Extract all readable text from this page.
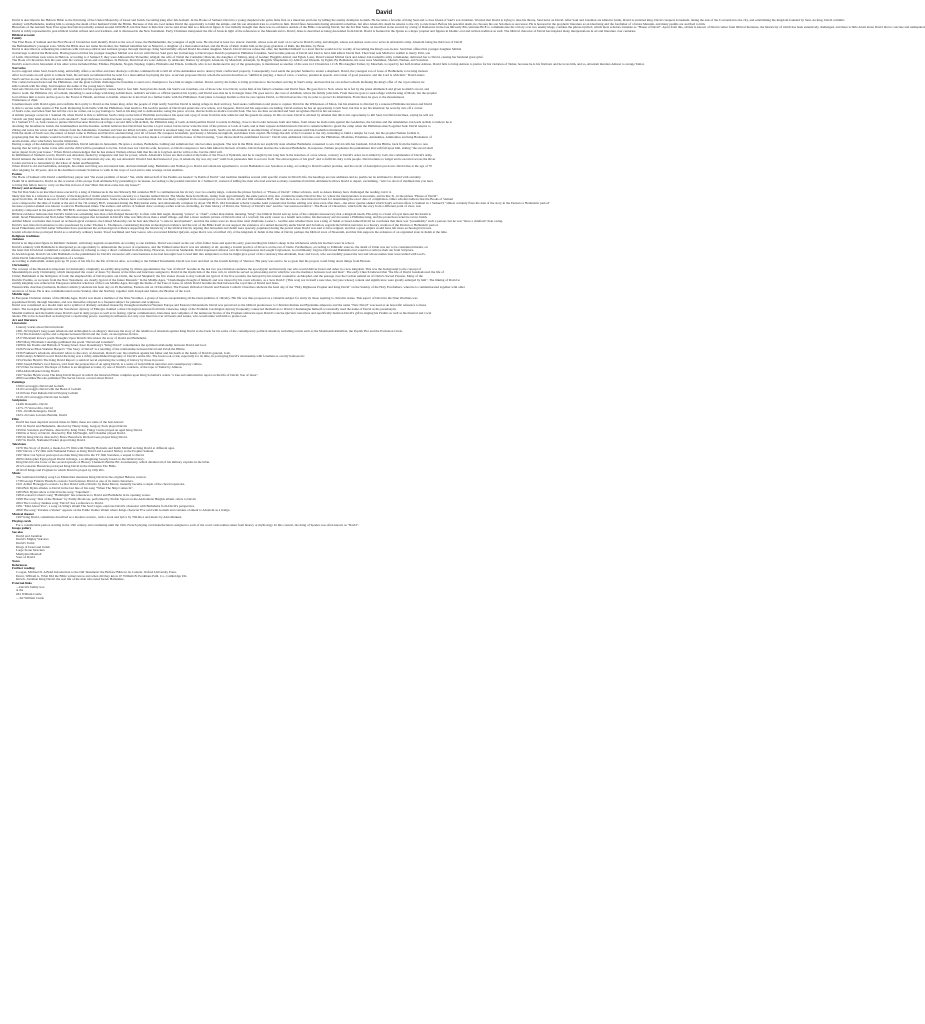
David
David is described in the Hebrew Bible as the third king of the United Monarchy of Israel and Judah, becoming king after Ish-bosheth. In the Books of Samuel, David is a young shepherd who gains fame first as a musician and later by killing the enemy champion Goliath. He becomes a favorite of King Saul and a close friend of Saul's son Jonathan. Worried that David is trying to take his throne, Saul turns on David. After Saul and Jonathan are killed in battle, David is anointed king. David conquers Jerusalem, taking the Ark of the Covenant into the city, and establishing the kingdom founded by Saul. As king, David commits
adultery with Bathsheba, leading him to arrange the death of her husband Uriah the Hittite. Because of this sin, God denies David the opportunity to build the temple, and his son Absalom tries to overthrow him. David flees Jerusalem during Absalom's rebellion, but after Absalom's death he returns to the city to rule Israel. Before his peaceful death, he chooses his son Solomon as successor. He is honored in the prophetic literature as an ideal king and the forefather of a future Messiah, and many psalms are ascribed to him.
Historians of the Ancient Near East agree that David probably existed around 1000 BCE, but that there is little that can be said about him as a historical figure. It was initially thought that there was no evidence outside of the Bible concerning David, but the Tel Dan Stele, an inscribed stone erected by a king of Damascus in the late 9th/early 8th centuries BCE to commemorate his victory over two enemy kings, contains the phrase bytdwd, which most scholars translate as "House of David". Apart from this, all that is known of David comes from biblical literature, the historicity of which has been extensively challenged, and there is little detail about David that is concrete and undisputed.
David is richly represented in post-biblical Jewish written and oral tradition, and is discussed in the New Testament. Early Christians interpreted the life of Jesus in light of the references to the Messiah and to David; Jesus is described as being descended from David. David is featured in the Quran as a major prophet and figures in Islamic oral and written tradition as well. The biblical character of David has inspired many interpretations in art and literature over centuries.
Biblical account
Family
The First Book of Samuel and the First Book of Chronicles both identify David as the son of Jesse, the Bethlehemite, the youngest of eight sons. He also had at least two sisters: Zeruiah, whose sons all went on to serve in David's army, and Abigail, whose son Amasa went on to serve in Absalom's army. Absalom being the third son of David
the Bethlehemite's youngest sons. While the Bible does not name his mother, the Talmud identifies her as Nitzevet, a daughter of a man named Adael, and the Book of Ruth claims him as the great-grandson of Ruth, the Moabite, by Boaz.
David is described as cementing his relations with various political and national groups through marriage. King Saul initially offered David his eldest daughter, Merab. David did not refuse the offer, but humbled himself to a level that he would not be worthy of becoming the King's son-in-law. Saul then offered his younger daughter Michal
in marriage to Abital the Hebronite. Having been told that his younger daughter Michal was in love with David, Saul gave her in marriage to David upon David's payment in Philistine foreskins. Saul became jealous of David and tried to have him killed. David fled. Then Saul sent Michal to Gallim to marry Palti, son
of Laish. David then took wives in Hebron, according to 2 Samuel 3; they were Ahinoam the Yizreelite; Abigail, the wife of Nabal the Carmelite; Maacah, the daughter of Talmay, king of Geshur; Haggith; Abital; and Eglah. Later, David wanted Michal back and Abner, Ish-bosheth's army commander, delivered her to David, causing her husband great grief.
The Book of Chronicles lists his sons with his various wives and concubines. In Hebron, David had six sons: Amnon, by Ahinoam; Daniel, by Abigail; Absalom, by Maachah; Adonijah, by Haggith; Shephatiah, by Abital; and Ithream, by Eglah. By Bathsheba, his sons were Shammua, Shobab, Nathan, and Solomon.
David's sons born in Jerusalem of his other wives included Ibhar, Elishua, Eliphelet, Nogah, Nepheg, Japhia, Elishama and Eliada. Jerimoth, who is not mentioned in any of the genealogies, is mentioned as another of his sons in 2 Chronicles 11:18. His daughter Tamar, by Maachah, is raped by her half-brother Amnon. David fails to bring Amnon to justice for his violation of Tamar, because he is his firstborn and he loves him, and so, Absalom murders Amnon to avenge Tamar.
Narrative
God is angered when Saul, Israel's king, unlawfully offers a sacrifice and later disobeys a divine command both to kill all of the Amalekites and to destroy their confiscated property. Consequently, God sends the prophet Samuel to anoint a shepherd, David, the youngest son of Jesse of Bethlehem, to be king instead.
After God sends an evil spirit to torment Saul, his servants recommend that he send for a man skilled in playing the lyre. A servant proposes David, whom the servant describes as "skillful in playing, a man of valor, a warrior, prudent in speech, and a man of good presence; and the Lord is with him." David enters
Saul's service as one of the royal armor-bearers and plays the lyre to soothe the king.
War comes between Israel and the Philistines, and the giant Goliath challenges the Israelites to send out a champion to face him in single combat. David, sent by his father to bring provisions to his brothers serving in Saul's army, declares that he can defeat Goliath. Refusing the king's offer of the royal armour, he
kills Goliath with his sling. Saul inquires the name of the young hero's father.
Saul sets David over his army. All Israel loves David, but his popularity causes Saul to fear him. Saul plots his death, but Saul's son Jonathan, one of those who love David, warns him of his father's schemes and David flees. He goes first to Nob, where he is fed by the priest Ahimelech and given Goliath's sword, and
then to Gath, the Philistine city of Goliath, intending to seek refuge with King Achish there. Achish's servants or official question his loyalty, and David sees that he is in danger there. He goes next to the cave of Adullam, where his family joins him. From there he goes to seek refuge with the king of Moab, but the prophet
Gad advises him to leave and he goes to the Forest of Hereth, and then to Keilah, where he is involved in a further battle with the Philistines. Saul plans to besiege Keilah so that he can capture David, so David leaves the city in order to protect its inhabitants. From there he goes to the mountainous
Wilderness of Ziph.
Jonathan meets with David again and confirms his loyalty to David as the future king. After the people of Ziph notify Saul that David is taking refuge in their territory, Saul seeks confirmation and plans to capture David in the Wilderness of Maon, but his attention is diverted by a renewed Philistine invasion and David
is able to secure some respite at Ein Gedi. Returning from battle with the Philistines, Saul heads to Ein Gedi in pursuit of David and enters the cave where, as it happens, David and his supporters are hiding. David realises he has an opportunity to kill Saul, but this is not his intention: he secretly cuts off a corner
of Saul's robe, and when Saul has left the cave he comes out to pay homage to Saul as his king and to demonstrate, using the piece of robe, that he holds no malice towards Saul. The two are thus reconciled and Saul recognises David as his successor.
A similar passage occurs in 1 Samuel 26, when David is able to infiltrate Saul's camp on the hill of Hachilah and remove his spear and a jug of water from his side while he and his guards lie asleep. In this account, David is advised by Abishai that this is his opportunity to kill Saul, but David declines, saying he will not
"stretch out [his] hand against the Lord's anointed". Saul confesses that he has been wrong to pursue David and blesses him.
In 1 Samuel 27:1–4, Saul ceases to pursue David because David took refuge a second time with Achish, the Philistine king of Gath. Achish permits David to reside in Ziklag, close to the border between Gath and Judea, from where he leads raids against the Geshurites, the Girzites and the Amalekites, but leads Achish to believe he is
attacking the Israelites in Judah, the Jerahmeelites and the Kenites. Achish believes that David had become a loyal vassal, but he never wins the trust of the princes or lords of Gath, and at their request Achish instructs David to remain behind to guard the camp when the Philistines march against Saul. David returns to
Ziklag and saves his wives and the citizens from the Amalekites. Jonathan and Saul are killed in battle, and David is anointed king over Judah. In the north, Saul's son Ish-bosheth is anointed king of Israel, and war ensues until Ish-bosheth is murdered.
With the death of Saul's son, the elders of Israel come to Hebron and David is anointed king over all of Israel. He conquers Jerusalem, previously a Jebusite stronghold, and makes it his capital. He brings the Ark of the Covenant to the city, intending to build a temple for God, but the prophet Nathan forbids it,
prophesying that the temple would be built by one of David's sons. Nathan also prophesies that God has made a covenant with the house of David stating, "your throne shall be established forever". David wins additional victories over the Philistines, Moabites, Edomites, Amalekites, Ammonites and king Hadadezer of
Aram-Zobah, after which they become tributaries.
During a siege of the Ammonite capital of Rabbah, David remains in Jerusalem. He spies a woman, Bathsheba, bathing and summons her; she becomes pregnant. The text in the Bible does not explicitly state whether Bathsheba consented to sex. David calls her husband, Uriah the Hittite, back from the battle to rest,
hoping that he will go home to his wife and the child will be presumed to be his. Uriah does not visit his wife, however, so David conspires to have him killed in the heat of battle. David then marries the widowed Bathsheba. In response, Nathan prophesies the punishment that will fall upon him, stating "the sword shall
never depart from your house." When David acknowledges that he has sinned, Nathan advises him that his sin is forgiven and he will not die, but the child will.
In fulfillment of Nathan's words, David's son Absalom, fueled by vengeance and lust for power, rebels. Absalom's forces are then routed at the battle of the Wood of Ephraim, and he is caught by his long hair in the branches of a tree where, contrary to David's order, he is killed by Joab, the commander of David's army.
David laments the death of his favourite son: "O my son Absalom, my son, my son Absalom! Would I had died instead of you, O Absalom, my son, my son!" until Joab persuades him to recover from "the extravagance of his grief" and to fulfil his duty to his people. David returns to Gilgal and is escorted across the River
Jordan and back to Jerusalem by the tribes of Judah and Benjamin.
When David is old and bedridden, Adonijah, his eldest surviving son and natural heir, declares himself king. Bathsheba and Nathan go to David and obtain his agreement to crown Bathsheba's son Solomon as king, according to David's earlier promise, and the revolt of Adonijah is put down. David dies at the age of 70
after reigning for 40 years, and on his deathbed counsels Solomon to walk in the ways of God and to take revenge on his enemies.
Psalms
The Book of Samuel calls David a skillful harp player and "the sweet psalmist of Israel." Yet, while almost half of the Psalms are headed "A Psalm of David" and tradition identifies several with specific events in David's life, the headings are late additions and no psalm can be attributed to David with certainty.
Psalm 34 is attributed to David on the occasion of his escape from Abimelech by pretending to be insane. According to the parallel narrative in 1 Samuel 21, instead of killing the man who had exacted so many casualties from him, Abimelech allows David to depart, exclaiming, "Am I so short of madmen that you have
to bring this fellow here to carry on like this in front of me? Must this man come into my house?"
History and archaeology
The Tel Dan Stele is an inscribed stone erected by a king of Damascus in the late 9th/early 8th centuries BCE to commemorate his victory over two enemy kings, contains the phrase bytdwd, or "House of David". Other scholars, such as Anson Rainey have challenged the reading, but it is
likely that this is a reference to a dynasty of the Kingdom of Judah which traced its ancestry to a founder named David. The Mesha Stele from Moab, dating from approximately the same period, may also contain the name David in line 12, where the interpretation is uncertain, and in line 31, in the phrase "House of David".
Apart from this, all that is known of David comes from biblical literature. Some scholars have concluded that this was likely compiled from contemporary records of the 11th and 10th centuries BCE, but that there is no clear historical basis for determining the exact date of compilation. Other scholars believe that the Books of Samuel
were composed in the time of Josiah at the end of the 7th century BCE, extended during the Babylonian exile, and substantially complete by about 550 BCE. Old Testament scholar Graeme Auld contends that further editing was done even after then—the silver quarter-shekel which Saul's servant offers to Samuel in 1 Samuel 9 "almost certainly fixes the date of the story in the Persian or Hellenistic period"
because a quarter-shekel was known to exist in Hasmonean times. The authors and editors of Samuel drew on many earlier sources, including, for their history of David, the "history of David's rise" and the "succession narrative". The Book of Chronicles, which tells the story from a different point of view, was
probably composed in the period 350–300 BCE, and uses Samuel and Kings as its source.
Biblical evidence indicates that David's Judah was something less than a full-fledged monarchy: it often calls him nagid, meaning "prince" or "chief", rather than melek, meaning "king"; the biblical David sets up none of the complex bureaucracy that a kingdom needs. His army is a band of loyal men and his harem is
small. Israel Finkelstein and Neil Asher Silberman suggest that Jerusalem in David's time was little more than a small village, and that a more realistic picture of David is that of a warlord; his early career as a bandit and outlaw, his mercenary service under a Philistine king, and the protection racket he ran in Judah.
Amihai Mazar concludes that, based on archaeological evidence, the United Monarchy can be best described as "a state in development", and that the rulers were no more than rural chieftains. Lester L. Grabbe asks whether there was a king of Judah or Israel named David; he concludes that there was "presumably" such a person, but he was "more a chieftain" than a king.
David's real, historical existence is also questioned by some: Thomas L. Thompson, considering that this archeological evidence and the text of the Bible itself do not support the existence of a united monarchy under David and Solomon, regards the biblical narrative as a literary creation of the Persian or Hellenistic period.
Israel Finkelstein and Neil Asher Silberman have questioned the archaeological evidence supporting the historicity of the biblical David, arguing that Jerusalem and Judah were sparsely populated during the period when David was said to have reigned, and that a great empire would have left more archeological traces.
Jewish scholars have portrayed David as a relatively ordinary leader. Yosef Garfinkel and Saar Ganor, who excavated Khirbet Qeiyafa, argue that it was a fortified city of the kingdom of Judah in the time of David, perhaps the biblical town of Shaaraim, and that this supports the existence of an organized state in Judah at the time.
Religious traditions
Judaism
David is an important figure in Rabbinic Judaism, with many legends around him. According to one tradition, David was raised as the son of his father Jesse and spent his early years herding his father's sheep in the wilderness while his brothers were in school.
David's adultery with Bathsheba is interpreted as an opportunity to demonstrate the power of repentance, and the Talmud states that it was not adultery at all, quoting a Jewish practice of divorce on the eve of battle. Furthermore, according to Talmudic sources, the death of Uriah was not to be considered murder, on
the basis that Uriah had committed a capital offense by refusing to obey a direct command from the King. However, in tractate Sanhedrin, David expressed remorse over his transgressions and sought forgiveness. God ultimately forgave David and Bathsheba but would not remove their sin from Scripture.
In Jewish legend, David's sin with Bathsheba is the punishment for David's excessive self-consciousness as he had besought God to lead him into temptation so that he might give proof of his constancy like Abraham, Isaac and Jacob, who successfully passed the test and whose names later were united with God's,
while David failed through the temptation of a woman.
According to midrashim, Adam gave up 70 years of his life for the life of David. Also, according to the Talmud Yerushalmi, David was born and died on the Jewish holiday of Shavuot. His piety was said to be so great that his prayers could bring down things from Heaven.
Christianity
The concept of the Messiah is important in Christianity. Originally an earthly king ruling by divine appointment, the "son of David" became in the last two pre-Christian centuries the apocalyptic and heavenly one who would deliver Israel and usher in a new kingdom. This was the background to the concept of
Messiahship in early Christianity, which interpreted the career of Jesus "by means of the titles and functions assigned to David in the mysticism of the Zion cult, in which he served as priest-king and in which he was the mediator between God and man". The early Church believed that "the life of David foreshadowed the life of
Christ; Bethlehem is the birthplace of both; the shepherd life of David points out Christ, the Good Shepherd; the five stones chosen to slay Goliath are typical of the five wounds; the betrayal by his trusted counsellor, Achitophel, and the passage over the Cedron remind us of Christ's Sacred Passion. Many of the
Davidic Psalms, as we learn from the New Testament, are clearly typical of the future Messiah." In the Middle Ages, "Charlemagne thought of himself, and was viewed by his court scholars, as a 'new David'. [This was] not in itself a new idea, but [one whose] content and significance were greatly enlarged by him". The linking of David to
earthly kingship was reflected in European cathedral windows of the Late Middle Ages, through the theme of the Tree of Jesse, in which David became the link between the royal line of David and Jesus.
Western Rite churches (Lutheran, Roman Catholic) celebrate his feast day on 29 December, Eastern-rite on 19 December. The Eastern Orthodox Church and Eastern Catholic Churches celebrate the feast day of the "Holy Righteous Prophet and King David" on the Sunday of the Holy Forefathers, when he is commemorated together with other
ancestors of Jesus. He is also commemorated on the Sunday after the Nativity, together with Joseph and James, the Brother of the Lord.
Middle Ages
In European Christian culture of the Middle Ages, David was made a member of the Nine Worthies, a group of heroes encapsulating all the ideal qualities of chivalry. His life was thus proposed as a valuable subject for study by those aspiring to chivalric status. This aspect of David in the Nine Worthies was
popularised firstly through literature, and was thereafter adopted as a frequent subject for painters and sculptors.
David was considered as a model ruler and a symbol of divinely-ordained monarchy throughout medieval Western Europe and Eastern Christendom. David was perceived as the biblical predecessor to Christian Roman and Byzantine emperors and the name "New David" was used as an honorific reference to these
rulers. The Georgian Bagratids and the Solomonic dynasty of Ethiopia claimed a direct biological descent from him. Likewise, kings of the Frankish Carolingian dynasty frequently connected themselves to David; Charlemagne himself occasionally used the name of David as his pseudonym.
Muslim tradition and the hadith stress David's zeal in daily prayer as well as in fasting. Qur'an commentators, historians and compilers of the numerous Stories of the Prophets elaborate upon David's concise Qur'anic narratives and specifically mention David's gift in singing his Psalms as well as his musical and vocal
talents. His voice is described as having had a captivating power, weaving its influence not only over man but over all beasts and nature, who would unite with him to praise God.
Art and literature
Literature
Literary works about David include:
1681–82 Dryden's long poem Absalom and Achitophel is an allegory that uses the story of the rebellion of Absalom against King David as the basis for his satire of the contemporary political situation, including events such as the Monmouth Rebellion, the Popish Plot and the Exclusion Crisis.
1734 The Kentish Captive and a dispute between David and the court, an anonymous fiction.
1817 Elizabeth Rowe's poem Thoughts Upon David's Sin relates the story of David and Bathsheba.
1893 Mary Elizabeth Coleridge published the poem "David and Jonathan".
1908 In his Poems and Ballads of Young Israel, Isaac Rosenberg's "King David" contemplates the spiritual relationship between David and God.
1926 Frances Ellen Watkins Harper's "The Story of David" is a retelling of the relationship between David and Uriah the Hittite.
1936 Faulkner's Absalom, Absalom! refers to the story of Absalom, David's son; his rebellion against his father and his death at the hands of David's general, Joab.
1946 Gladys Schmitt's novel David the King was a richly embellished biography of David's entire life. The book took a risk, especially for its time, in portraying David's relationship with Jonathan as overtly homoerotic.
1954 Stefan Heym's The King David Report: a satirical novel exploring the writing of history by those in power.
1960 Joseph Heller's God Knows, told from the perspective of an aging David, is a satire of both biblical narrative and contemporary culture.
1972 Dan Jacobson's The Rape of Tamar is an imagined account, by one of David's courtiers, of the rape of Tamar by Amnon.
1984 Allan Massie's King David.
1997 Stefan Heym wrote The King David Report in which the historian Ethan compiles upon King Solomon's orders "a true and authoritative report on the life of David, Son of Jesse".
2000 Geraldine Brooks published The Secret Chord, a novel about David.
Paintings
1599 Caravaggio David and Goliath
1610 Caravaggio David with the Head of Goliath
1619 Peter Paul Rubens David Slaying Goliath
1610–20 Caravaggio David and Goliath
Sculptures
1440s Donatello, David
1473–75 Verrocchio, David
1501–04 Michelangelo, David
1623–24 Gian Lorenzo Bernini, David
Film
David has been depicted several times in films; these are some of the best-known:
1951 In David and Bathsheba, directed by Henry King, Gregory Peck played David.
1959 In Solomon and Sheba, directed by King Vidor, Finlay Currie played an aged King David.
1960 In A Story of David, directed by Bob McNaught, Jeff Chandler played David.
1985 In King David, directed by Bruce Beresford, Richard Gere played King David.
1997 In David, Nathaniel Parker played King David.
Television
1976 The Story of David, a made-for-TV film with Timothy Bottoms and Keith Michell as King David at different ages.
1997 David, a TV film with Nathaniel Parker as King David and Leonard Nimoy as the Prophet Samuel.
1997 Max von Sydow portrayed an older King David in the TV film Solomon, a sequel to David.
2009 Christopher Egan played David in Kings, a re-imagining loosely based on the biblical story.
King David is the focus of the second episode of History Channel's Battles BC documentary, which detailed all of his military exploits in the bible.
2012 Leonardo Brzezicki portrayed King David in the miniseries The Bible.
2016 Of Kings and Prophets in which David is played by Olly Rix.
Music
The traditional birthday song Les Misérables mentions King David in the original Hebrew version.
1738 George Frideric Handel's oratorio Saul features David as one of its main characters.
1921 Arthur Honegger's oratorio Le Roi David with a libretto by René Morax, instantly became a staple of the choral repertoire.
1964 Bob Dylan alludes to David in the last line of his song "When The Ship Comes In".
1983 Bob Dylan refers to David in his song "Jokerman".
1984 Leonard Cohen's song "Hallelujah" has references to David and Bathsheba in its opening verses.
1998 The song "One of the Broken" by Paddy McAloon, performed by Prefab Sprout on the Andromeda Heights album, refers to David.
2004 The Cowboy Junkies song "David" has a reference to David.
1991 "Mad About You", a song on Sting's album The Soul Cages, explores David's obsession with Bathsheba from David's perspective.
2009 The song "Urianne a Sinner" appears on the Eddie Vedder album where Kings character Eve said with Goliath and contains a lament to Absalom as a bridge.
Musical theater
1997 King David, sometimes described as a modern oratorio, with a book and lyrics by Tim Rice and music by Alan Menken.
Playing cards
For a considerable period, starting in the 15th century and continuing until the 19th, French playing card manufacturers assigned to each of the court cards names taken from history or mythology. In this context, the King of Spades was often known as "David".
Image gallery
See also
David and Jonathan
David's Mighty Warriors
David's Tomb
Kings of Israel and Judah
Large Stone Structure
Matityahu Messiah
Sons of David
Notes
References
Further reading
Coogan, Michael D. A Brief Introduction to the Old Testament: the Hebrew Bible in its Context. Oxford University Press.
Dever, William G. What Did the Bible writers know and when did they know it? William B. Eerdmans Publ. Co., Cambridge UK.
Kirsch, Jonathan King David: the real life of the man who ruled Israel. Ballantine.
External links
—David's family tree
at the
Old William Castle
—Tel William Castle
